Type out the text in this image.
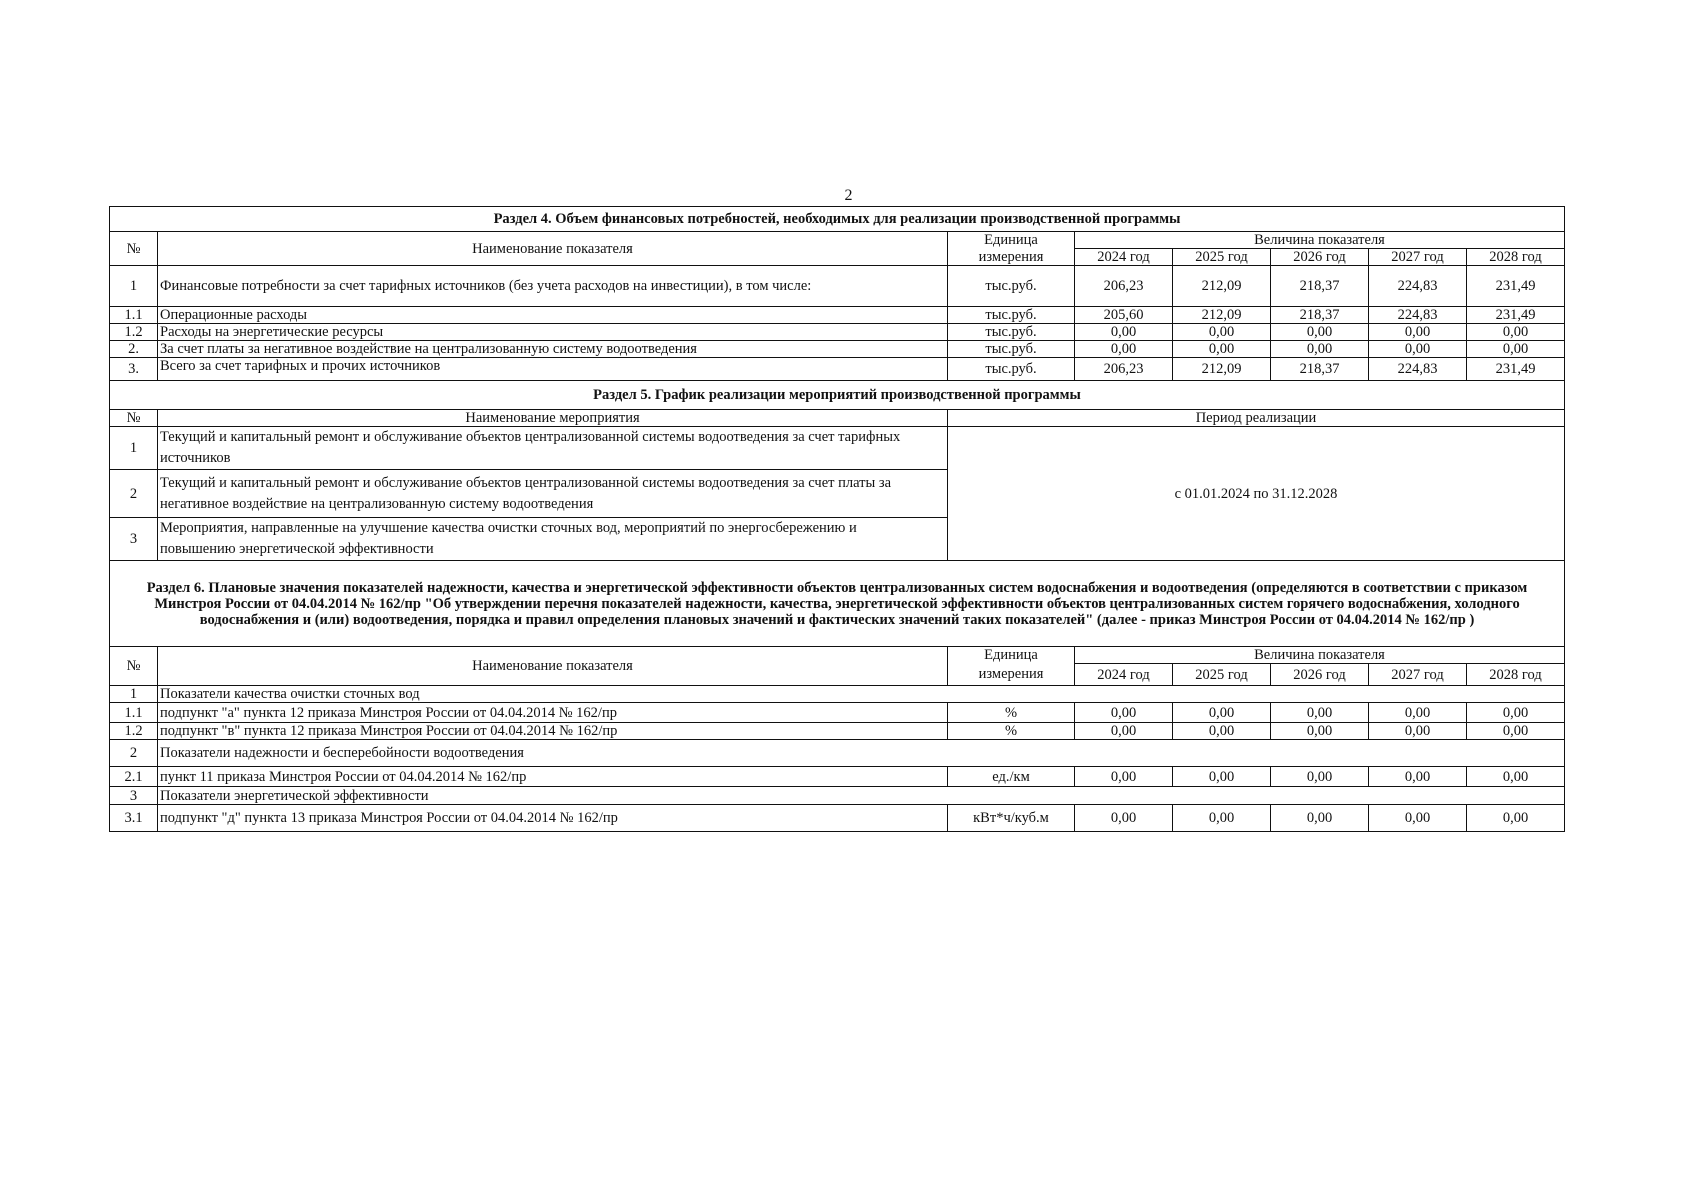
2
Раздел 4. Объем финансовых потребностей, необходимых для реализации производственной программы							
№	Наименование показателя	Единица	Величина показателя				
		измерения	2024 год	2025 год	2026 год	2027 год	2028 год
1	Финансовые потребности за счет тарифных источников (без учета расходов на инвестиции), в том числе:	тыс.руб.	206,23	212,09	218,37	224,83	231,49
1.1	Операционные расходы	тыс.руб.	205,60	212,09	218,37	224,83	231,49
1.2	Расходы на энергетические ресурсы	тыс.руб.	0,00	0,00	0,00	0,00	0,00
2.	За счет платы за негативное воздействие на централизованную систему водоотведения	тыс.руб.	0,00	0,00	0,00	0,00	0,00
3.	Всего за счет тарифных и прочих источников	тыс.руб.	206,23	212,09	218,37	224,83	231,49
Раздел 5. График реализации мероприятий производственной программы							
№	Наименование мероприятия	Период реализации					
1	Текущий и капитальный ремонт и обслуживание объектов централизованной системы водоотведения за счет тарифных источников	с 01.01.2024 по 31.12.2028					
2	Текущий и капитальный ремонт и обслуживание объектов централизованной системы водоотведения за счет платы за негативное воздействие на централизованную систему водоотведения						
3	Мероприятия, направленные на улучшение качества очистки сточных вод, мероприятий по энергосбережению и повышению энергетической эффективности						
Раздел 6. Плановые значения показателей надежности, качества и энергетической эффективности объектов централизованных систем водоснабжения и водоотведения (определяются в соответствии с приказом Минстроя России от 04.04.2014 № 162/пр "Об утверждении перечня показателей надежности, качества, энергетической эффективности объектов централизованных систем горячего водоснабжения, холодного водоснабжения и (или) водоотведения, порядка и правил определения плановых значений и фактических значений таких показателей" (далее - приказ Минстроя России от 04.04.2014 № 162/пр )							
№	Наименование показателя	Единица	Величина показателя				
		измерения	2024 год	2025 год	2026 год	2027 год	2028 год
1	Показатели качества очистки сточных вод						
1.1	подпункт "а" пункта 12 приказа Минстроя России от 04.04.2014 № 162/пр	%	0,00	0,00	0,00	0,00	0,00
1.2	подпункт "в" пункта 12 приказа Минстроя России от 04.04.2014 № 162/пр	%	0,00	0,00	0,00	0,00	0,00
2	Показатели надежности и бесперебойности водоотведения						
2.1	пункт 11 приказа Минстроя России от 04.04.2014 № 162/пр	ед./км	0,00	0,00	0,00	0,00	0,00
3	Показатели энергетической эффективности						
3.1	подпункт "д" пункта 13 приказа Минстроя России от 04.04.2014 № 162/пр	кВт*ч/куб.м	0,00	0,00	0,00	0,00	0,00
